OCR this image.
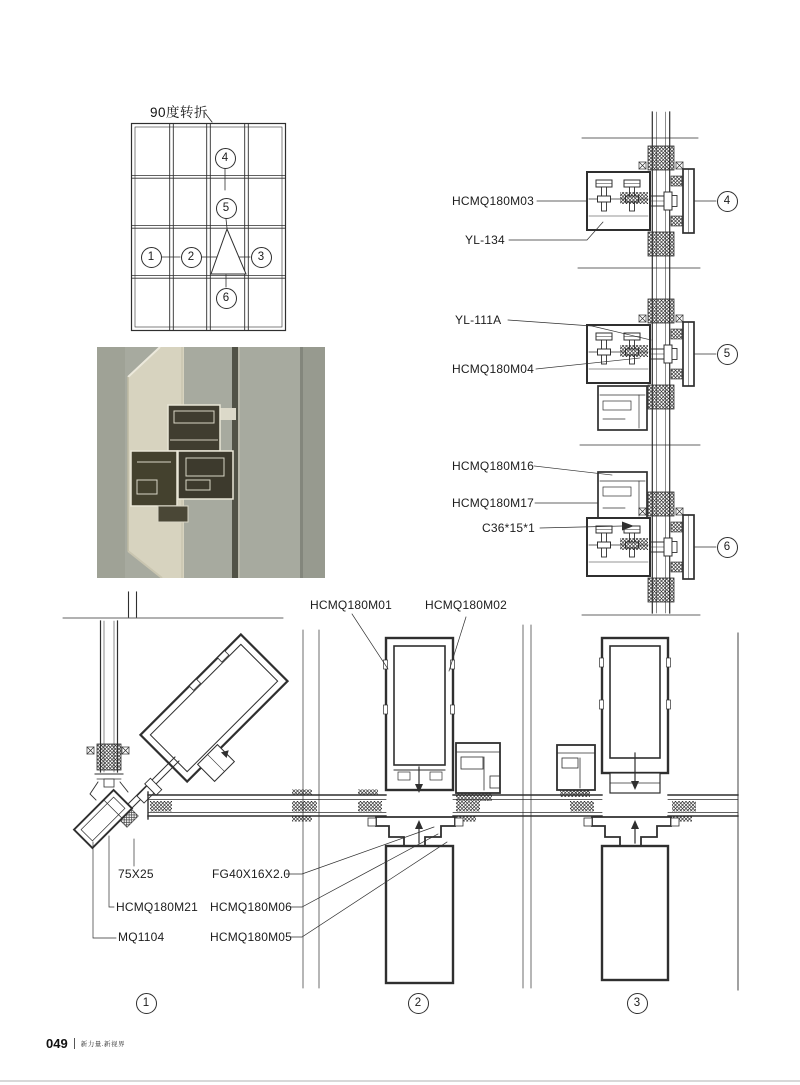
90度转折
1	2	3
4
5
6
4
5
6
1	2	3
HCMQ180M03
YL-134
YL-111A
HCMQ180M04
HCMQ180M16
HCMQ180M17
C36*15*1
HCMQ180M01	HCMQ180M02
75X25
HCMQ180M21
MQ1104
FG40X16X2.0
HCMQ180M06
HCMQ180M05
049 新力量.新视界
